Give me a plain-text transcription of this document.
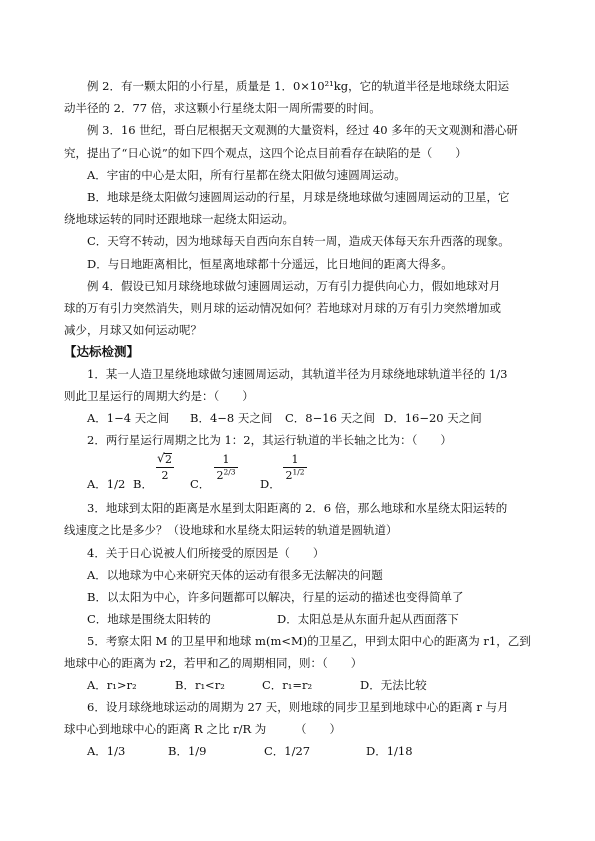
例 2．有一颗太阳的小行星，质量是 1．0×10²¹kg，它的轨道半径是地球绕太阳运
动半径的 2．77 倍，求这颗小行星绕太阳一周所需要的时间。
例 3．16 世纪，哥白尼根据天文观测的大量资料，经过 40 多年的天文观测和潜心研
究，提出了“日心说”的如下四个观点，这四个论点目前看存在缺陷的是（　　）
A．宇宙的中心是太阳，所有行星都在绕太阳做匀速圆周运动。
B．地球是绕太阳做匀速圆周运动的行星，月球是绕地球做匀速圆周运动的卫星，它
绕地球运转的同时还跟地球一起绕太阳运动。
C．天穹不转动，因为地球每天自西向东自转一周，造成天体每天东升西落的现象。
D．与日地距离相比，恒星离地球都十分遥远，比日地间的距离大得多。
例 4．假设已知月球绕地球做匀速圆周运动，万有引力提供向心力，假如地球对月
球的万有引力突然消失，则月球的运动情况如何？若地球对月球的万有引力突然增加或
减少，月球又如何运动呢？
【达标检测】
1．某一人造卫星绕地球做匀速圆周运动，其轨道半径为月球绕地球轨道半径的 1/3
则此卫星运行的周期大约是：（　　）
A．1−4 天之间 B．4−8 天之间 C．8−16 天之间 D．16−20 天之间
2．两行星运行周期之比为 1：2，其运行轨道的半长轴之比为：（　　）
A．1/2 B．
√ 2
2
C．
1
$2^{2/3}$
D．
1
$2^{1/2}$
3．地球到太阳的距离是水星到太阳距离的 2．6 倍，那么地球和水星绕太阳运转的
线速度之比是多少？（设地球和水星绕太阳运转的轨道是圆轨道）
4．关于日心说被人们所接受的原因是（　　）
A．以地球为中心来研究天体的运动有很多无法解决的问题
B．以太阳为中心，许多问题都可以解决，行星的运动的描述也变得简单了
C．地球是围绕太阳转的	D．太阳总是从东面升起从西面落下
5．考察太阳 M 的卫星甲和地球 m(m<M)的卫星乙，甲到太阳中心的距离为 r1，乙到
地球中心的距离为 r2，若甲和乙的周期相同，则：（　　）
A．r₁>r₂	B．r₁<r₂	C．r₁=r₂	D．无法比较
6．设月球绕地球运动的周期为 27 天，则地球的同步卫星到地球中心的距离 r 与月
球中心到地球中心的距离 R 之比 r/R 为　　　（　　）
A．1/3	B．1/9	C．1/27	D．1/18
